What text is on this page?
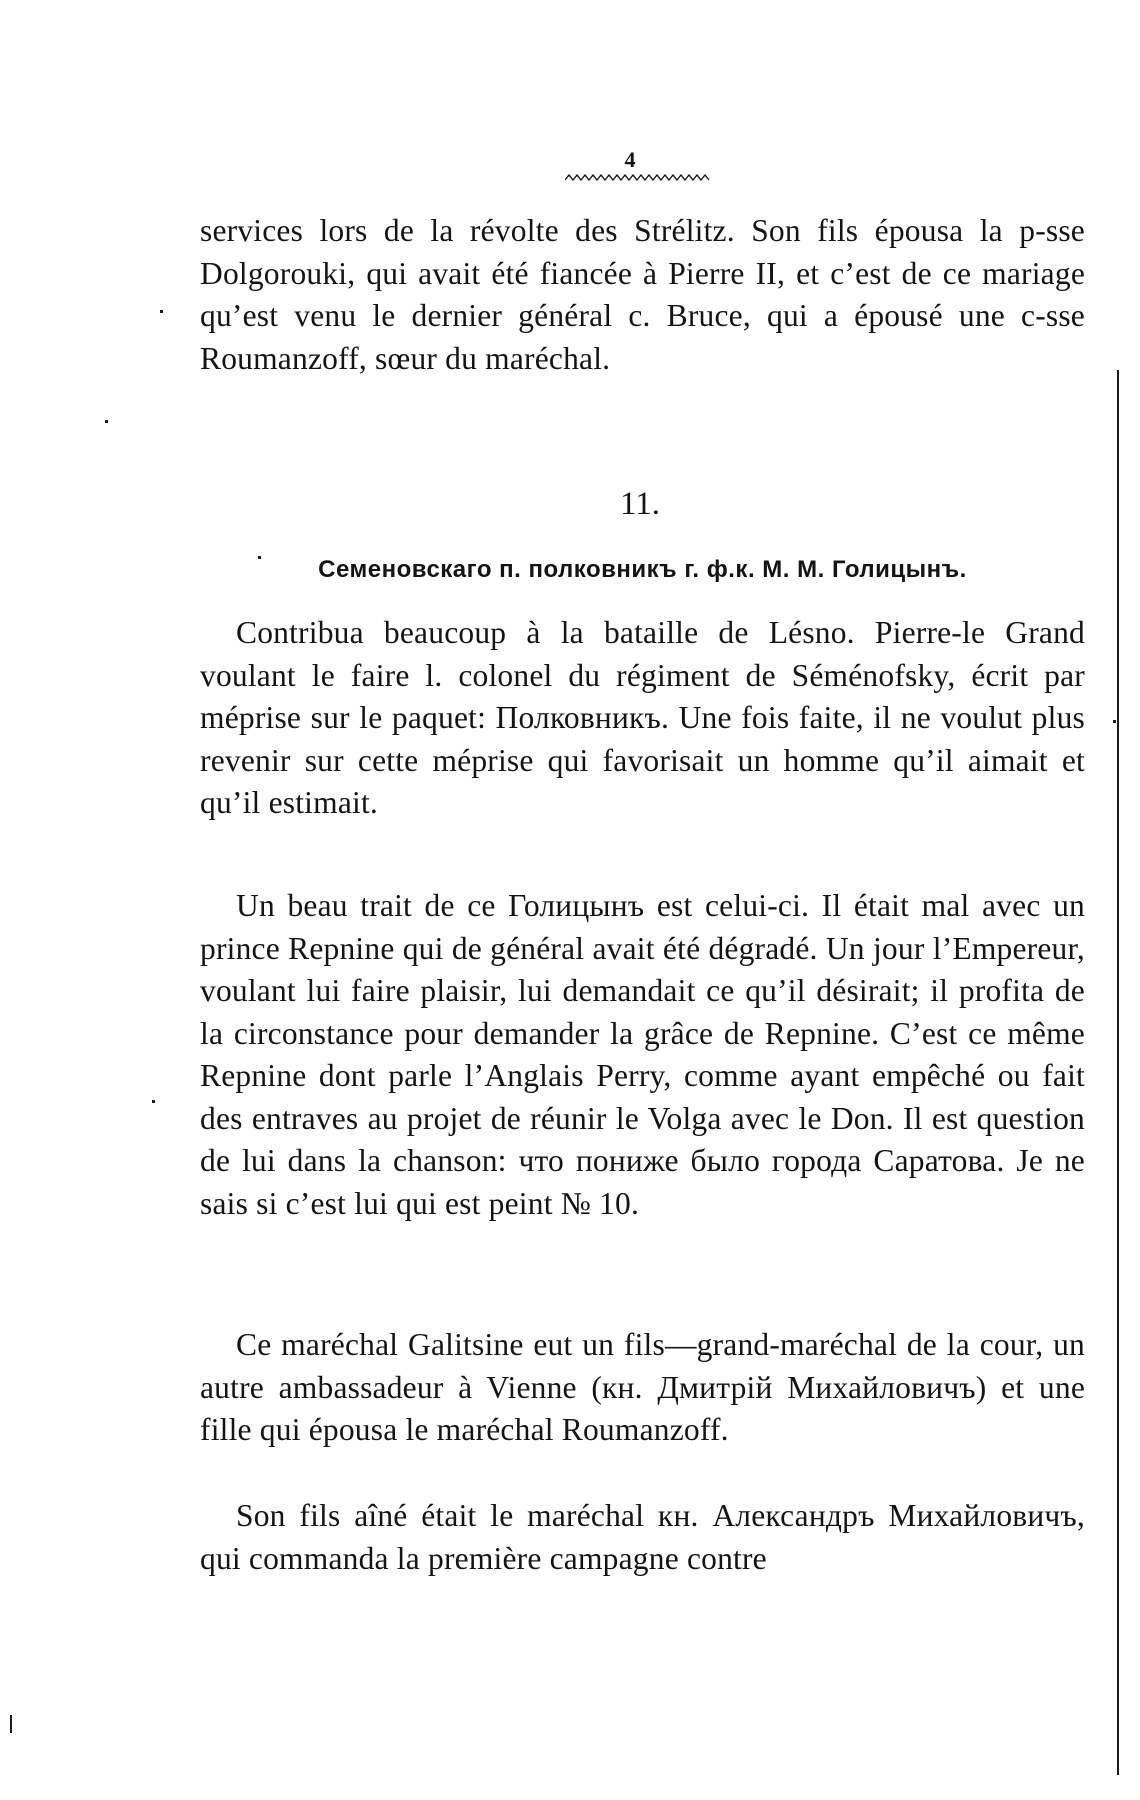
4

services lors de la révolte des Strélitz. Son fils épousa la p-sse Dolgorouki, qui avait été fiancée à Pierre II, et c’est de ce mariage qu’est venu le dernier général c. Bruce, qui a épousé une c-sse Roumanzoff, sœur du maréchal.

11.
Семеновскаго п. полковникъ г. ф.к. М. М. Голицынъ.

Contribua beaucoup à la bataille de Lésno. Pierre-le Grand voulant le faire l. colonel du régiment de Séménofsky, écrit par méprise sur le paquet: Полковникъ. Une fois faite, il ne voulut plus revenir sur cette méprise qui favorisait un homme qu’il aimait et qu’il estimait.

Un beau trait de ce Голицынъ est celui-ci. Il était mal avec un prince Repnine qui de général avait été dégradé. Un jour l’Empereur, voulant lui faire plaisir, lui demandait ce qu’il désirait; il profita de la circonstance pour demander la grâce de Repnine. C’est ce même Repnine dont parle l’Anglais Perry, comme ayant empêché ou fait des entraves au projet de réunir le Volga avec le Don. Il est question de lui dans la chanson: что пониже было города Саратова. Je ne sais si c’est lui qui est peint № 10.

Ce maréchal Galitsine eut un fils—grand-maréchal de la cour, un autre ambassadeur à Vienne (кн. Дмитрій Михайловичъ) et une fille qui épousa le maréchal Roumanzoff.

Son fils aîné était le maréchal кн. Александръ Михайловичъ, qui commanda la première campagne contre
